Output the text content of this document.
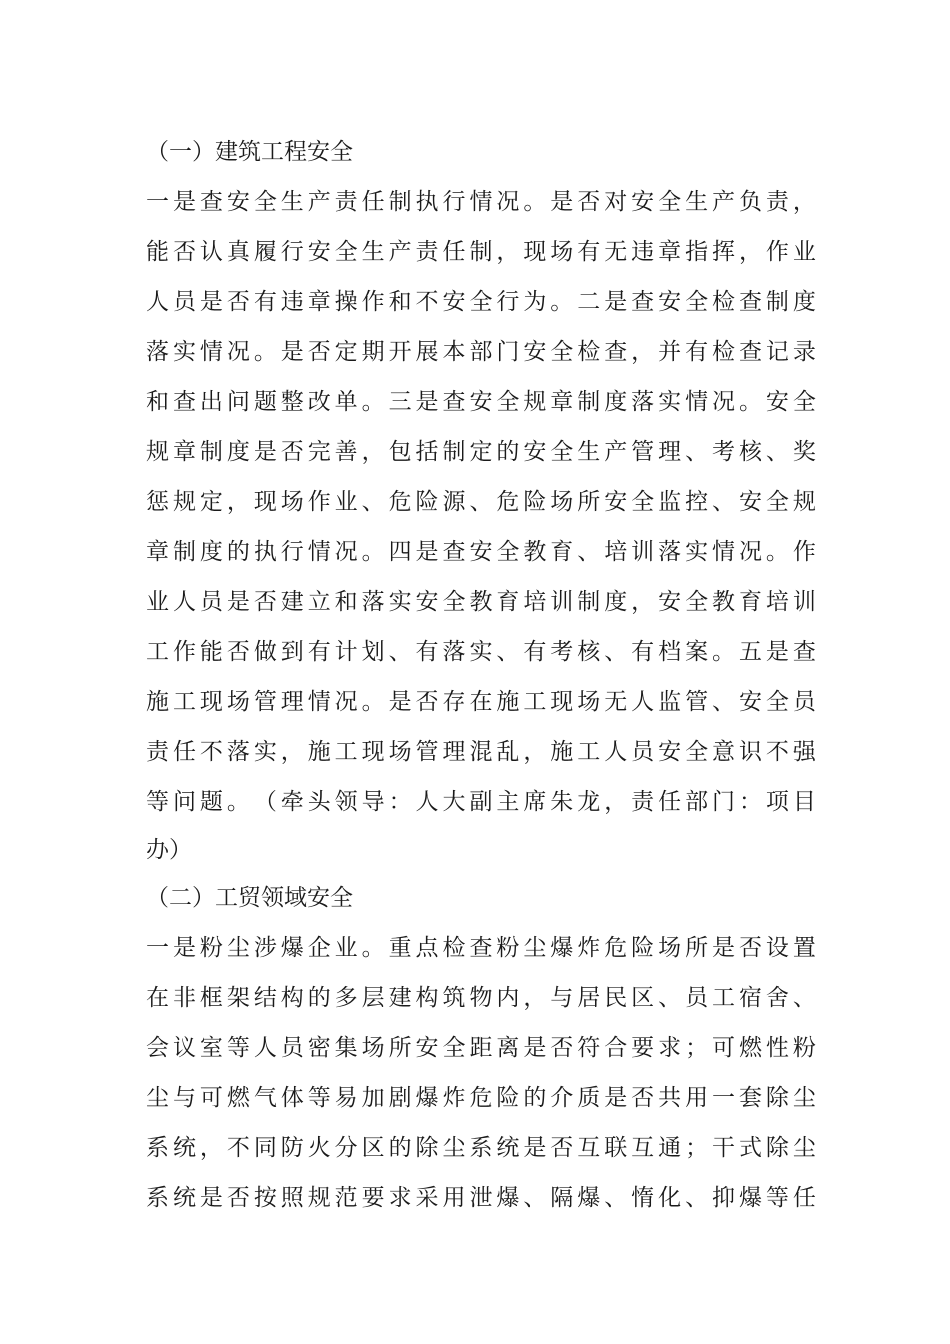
（一）建筑工程安全
一 是 查 安 全 生 产 责 任 制 执 行 情 况 。 是 否 对 安 全 生 产 负 责 ，
能 否 认 真 履 行 安 全 生 产 责 任 制 ， 现 场 有 无 违 章 指 挥 ， 作 业
人 员 是 否 有 违 章 操 作 和 不 安 全 行 为 。 二 是 查 安 全 检 查 制 度
落 实 情 况 。 是 否 定 期 开 展 本 部 门 安 全 检 查 ， 并 有 检 查 记 录
和 查 出 问 题 整 改 单 。 三 是 查 安 全 规 章 制 度 落 实 情 况 。 安 全
规 章 制 度 是 否 完 善 ， 包 括 制 定 的 安 全 生 产 管 理 、 考 核 、 奖
惩 规 定 ， 现 场 作 业 、 危 险 源 、 危 险 场 所 安 全 监 控 、 安 全 规
章 制 度 的 执 行 情 况 。 四 是 查 安 全 教 育 、 培 训 落 实 情 况 。 作
业 人 员 是 否 建 立 和 落 实 安 全 教 育 培 训 制 度 ， 安 全 教 育 培 训
工 作 能 否 做 到 有 计 划 、 有 落 实 、 有 考 核 、 有 档 案 。 五 是 查
施 工 现 场 管 理 情 况 。 是 否 存 在 施 工 现 场 无 人 监 管 、 安 全 员
责 任 不 落 实 ， 施 工 现 场 管 理 混 乱 ， 施 工 人 员 安 全 意 识 不 强
等 问 题 。 （ 牵 头 领 导 ： 人 大 副 主 席 朱 龙 ， 责 任 部 门 ： 项 目
办）
（二）工贸领域安全
一 是 粉 尘 涉 爆 企 业 。 重 点 检 查 粉 尘 爆 炸 危 险 场 所 是 否 设 置
在 非 框 架 结 构 的 多 层 建 构 筑 物 内 ， 与 居 民 区 、 员 工 宿 舍 、
会 议 室 等 人 员 密 集 场 所 安 全 距 离 是 否 符 合 要 求 ； 可 燃 性 粉
尘 与 可 燃 气 体 等 易 加 剧 爆 炸 危 险 的 介 质 是 否 共 用 一 套 除 尘
系 统 ， 不 同 防 火 分 区 的 除 尘 系 统 是 否 互 联 互 通 ； 干 式 除 尘
系 统 是 否 按 照 规 范 要 求 采 用 泄 爆 、 隔 爆 、 惰 化 、 抑 爆 等 任
